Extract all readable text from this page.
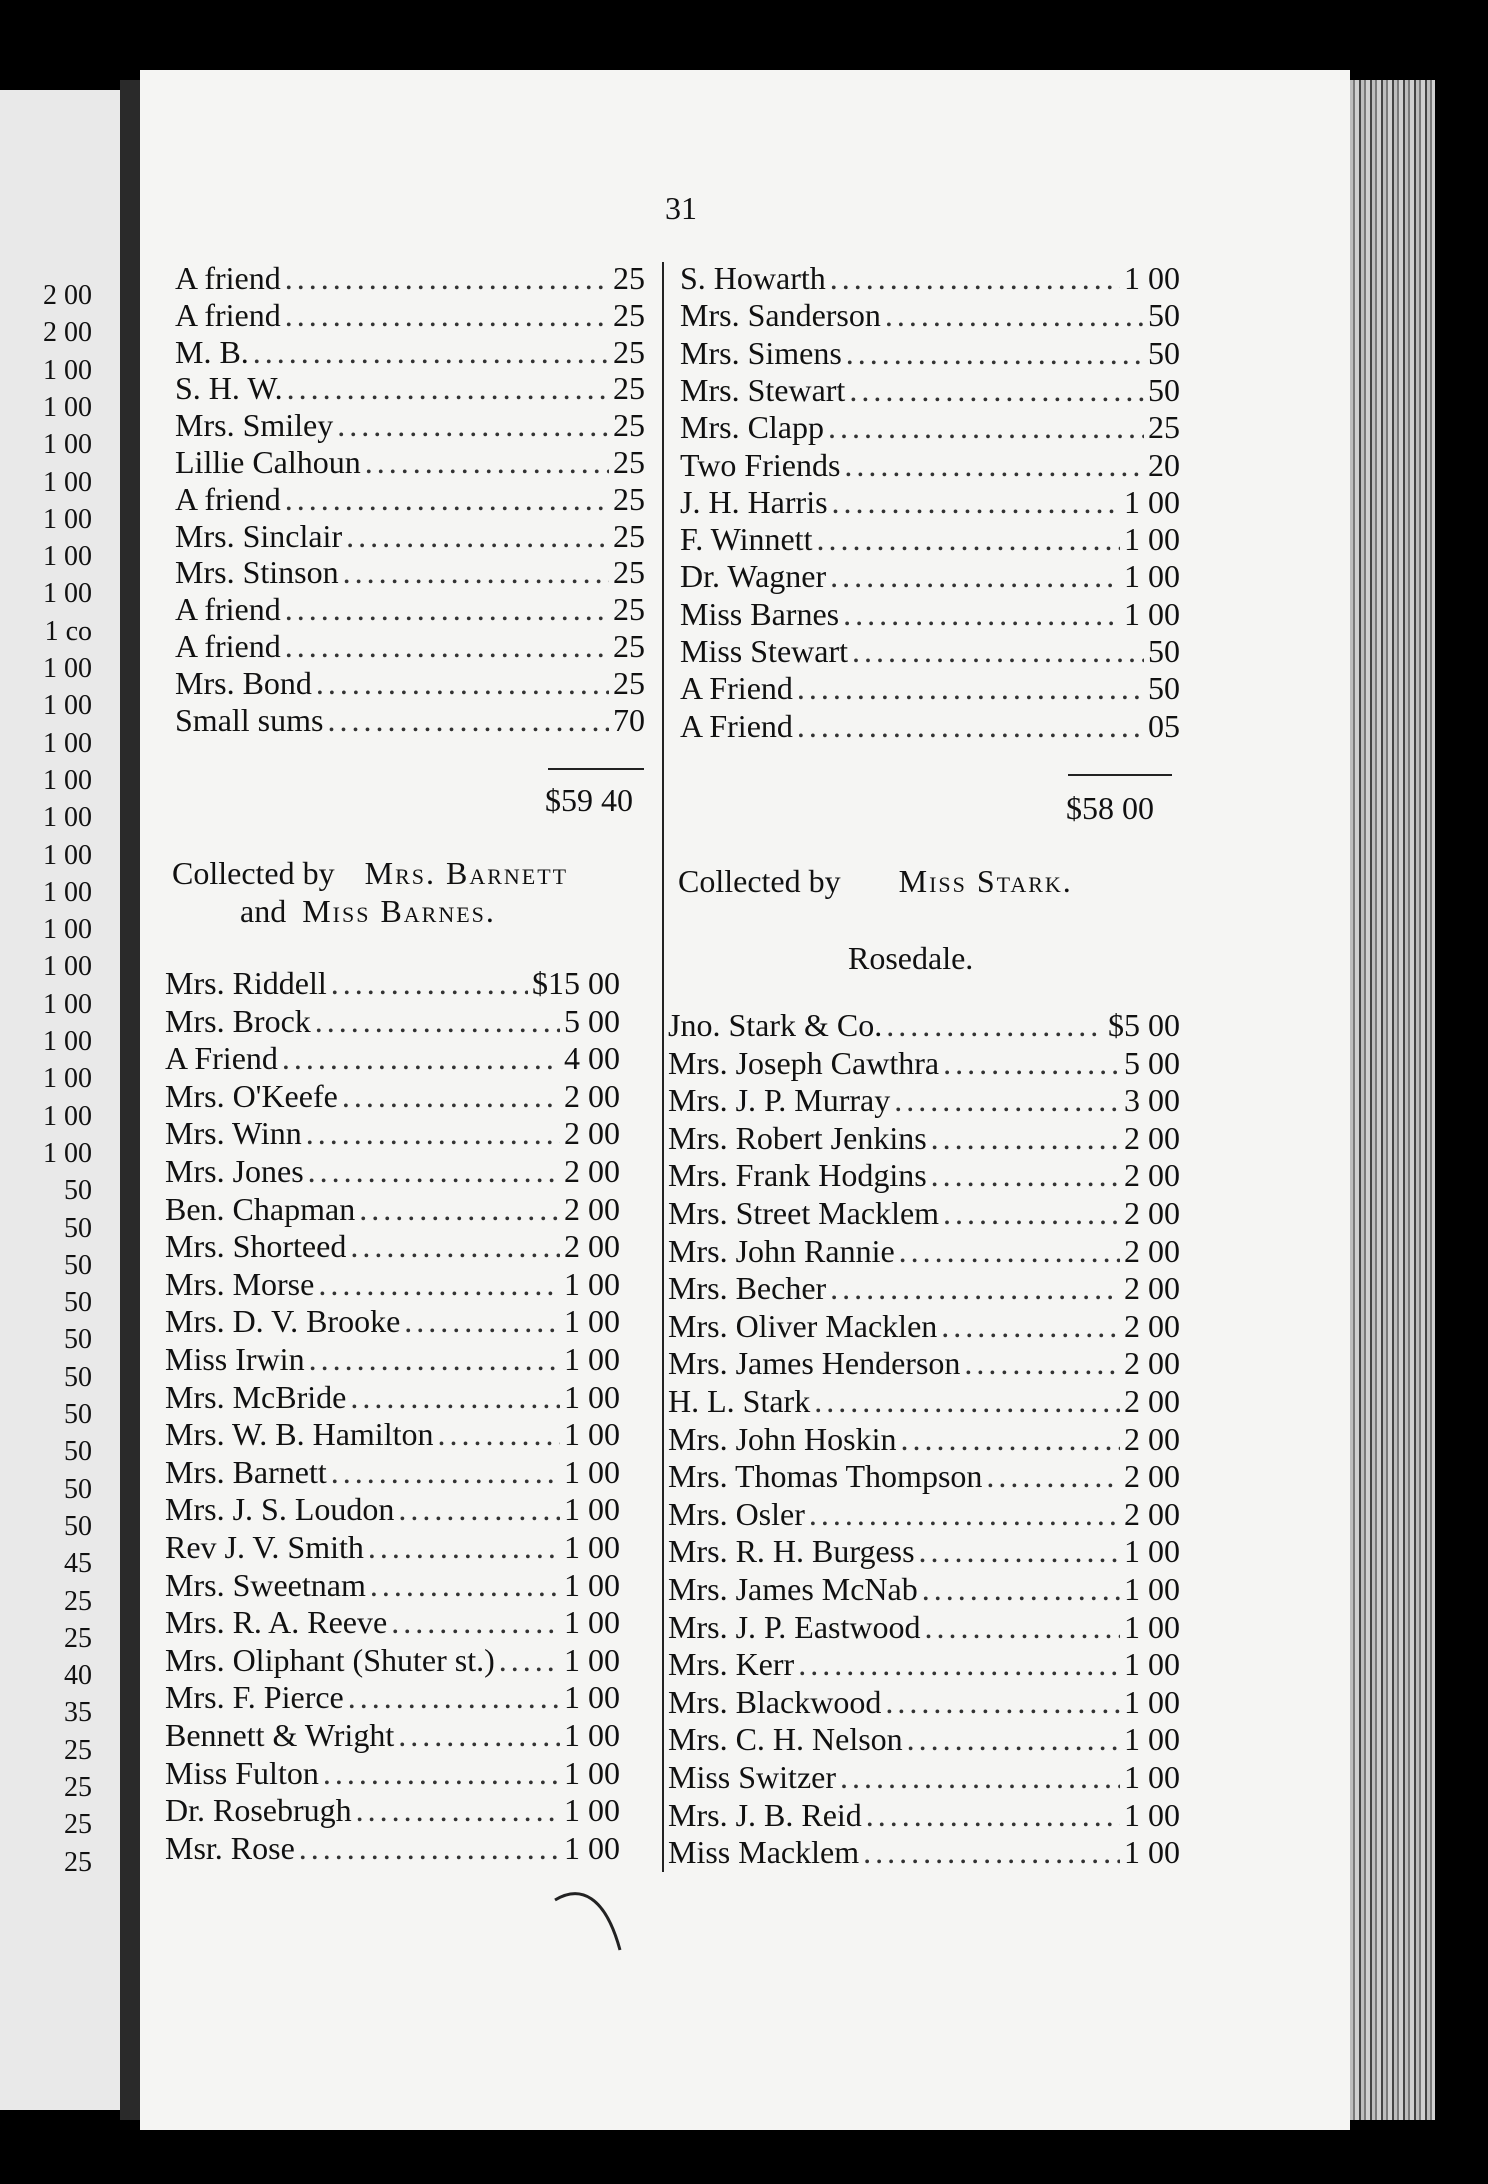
2 00
2 00
1 00
1 00
1 00
1 00
1 00
1 00
1 00
1 co
1 00
1 00
1 00
1 00
1 00
1 00
1 00
1 00
1 00
1 00
1 00
1 00
1 00
1 00
50
50
50
50
50
50
50
50
50
50
45
25
25
40
35
25
25
25
25
31
A friend .....	25
A friend .....	25
M. B. .....	25
S. H. W. .....	25
Mrs. Smiley .....	25
Lillie Calhoun .....	25
A friend .....	25
Mrs. Sinclair .....	25
Mrs. Stinson .....	25
A friend .....	25
A friend .....	25
Mrs. Bond .....	25
Small sums .....	70
$59 40
S. Howarth .....	1 00
Mrs. Sanderson .....	50
Mrs. Simens .....	50
Mrs. Stewart .....	50
Mrs. Clapp .....	25
Two Friends .....	20
J. H. Harris .....	1 00
F. Winnett .....	1 00
Dr. Wagner .....	1 00
Miss Barnes .....	1 00
Miss Stewart .....	50
A Friend .....	50
A Friend .....	05
$58 00
Collected by Mrs. Barnett
and Miss Barnes.
Collected by Miss Stark.
Rosedale.
Mrs. Riddell .....	$15 00
Mrs. Brock .....	5 00
A Friend .....	4 00
Mrs. O'Keefe .....	2 00
Mrs. Winn .....	2 00
Mrs. Jones .....	2 00
Ben. Chapman .....	2 00
Mrs. Shorteed .....	2 00
Mrs. Morse .....	1 00
Mrs. D. V. Brooke .....	1 00
Miss Irwin .....	1 00
Mrs. McBride .....	1 00
Mrs. W. B. Hamilton .....	1 00
Mrs. Barnett .....	1 00
Mrs. J. S. Loudon .....	1 00
Rev J. V. Smith .....	1 00
Mrs. Sweetnam .....	1 00
Mrs. R. A. Reeve .....	1 00
Mrs. Oliphant (Shuter st.) ..... 1 00
Mrs. F. Pierce .....	1 00
Bennett & Wright .....	1 00
Miss Fulton .....	1 00
Dr. Rosebrugh .....	1 00
Msr. Rose .....	1 00
Jno. Stark & Co. .....	$5 00
Mrs. Joseph Cawthra .....	5 00
Mrs. J. P. Murray .....	3 00
Mrs. Robert Jenkins .....	2 00
Mrs. Frank Hodgins .....	2 00
Mrs. Street Macklem .....	2 00
Mrs. John Rannie .....	2 00
Mrs. Becher .....	2 00
Mrs. Oliver Macklen .....	2 00
Mrs. James Henderson .....	2 00
H. L. Stark .....	2 00
Mrs. John Hoskin .....	2 00
Mrs. Thomas Thompson .....	2 00
Mrs. Osler .....	2 00
Mrs. R. H. Burgess .....	1 00
Mrs. James McNab .....	1 00
Mrs. J. P. Eastwood .....	1 00
Mrs. Kerr .....	1 00
Mrs. Blackwood .....	1 00
Mrs. C. H. Nelson .....	1 00
Miss Switzer .....	1 00
Mrs. J. B. Reid .....	1 00
Miss Macklem .....	1 00
